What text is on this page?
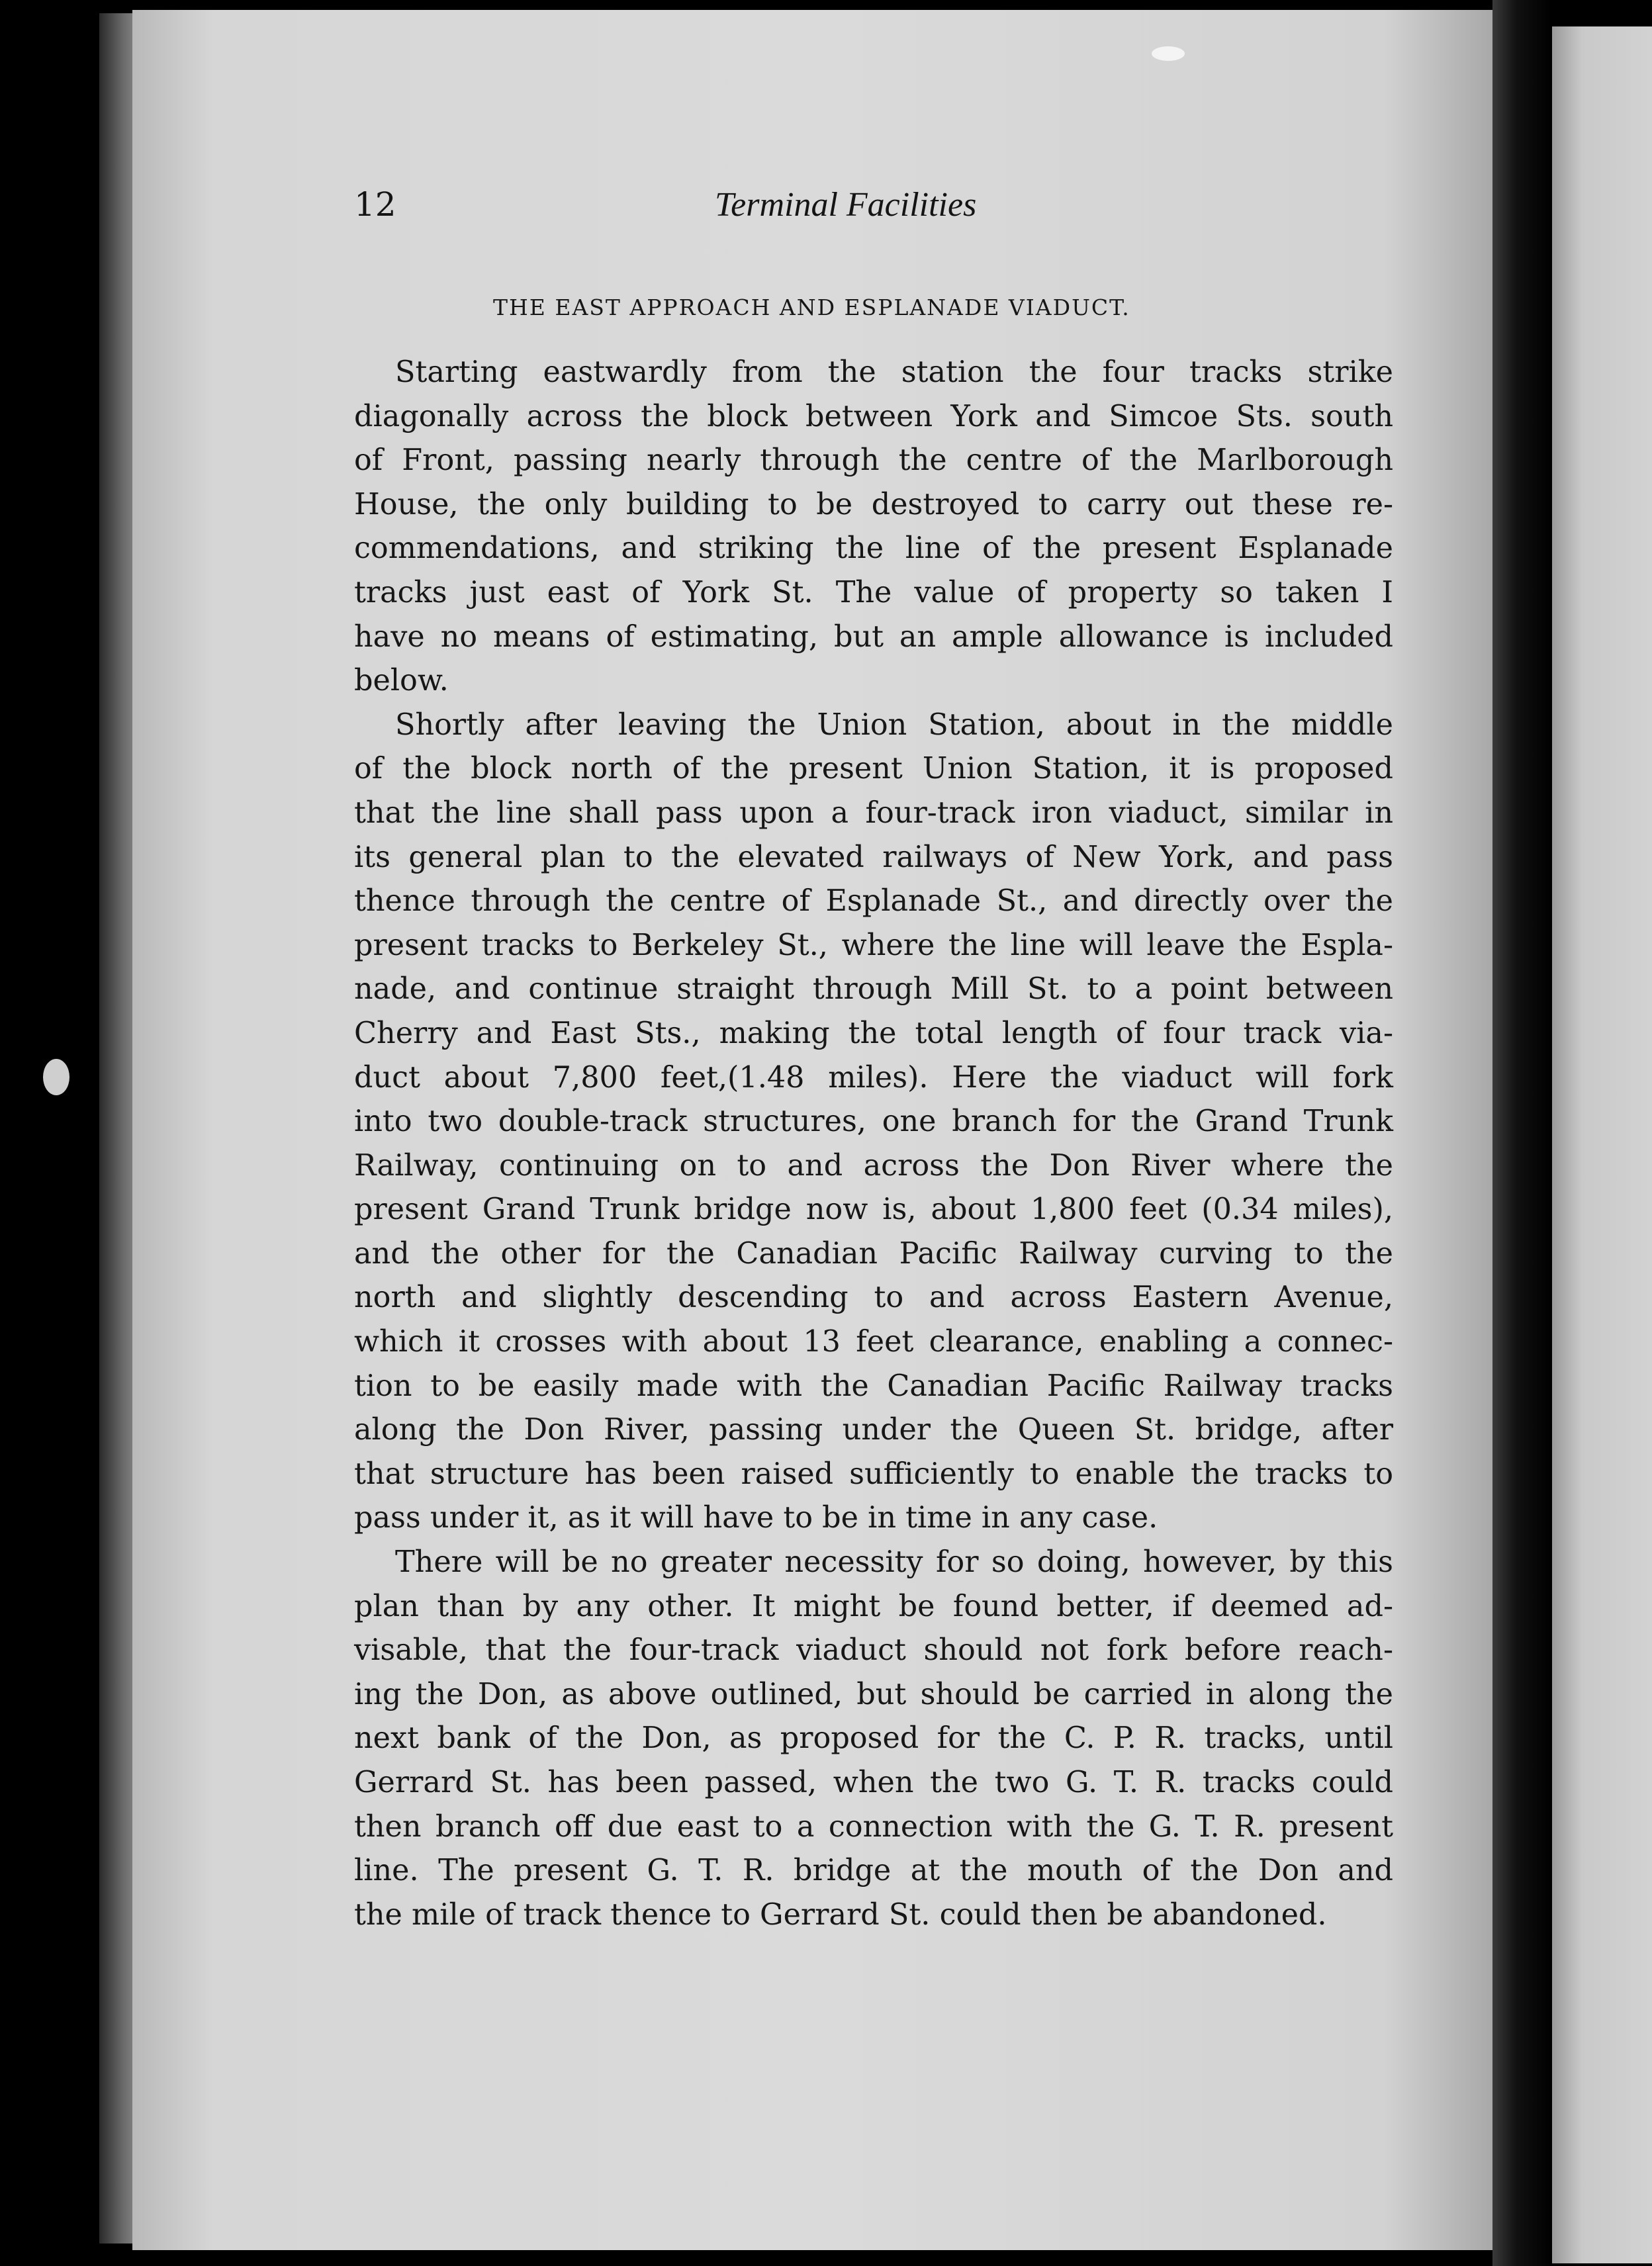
12	Terminal Facilities
THE EAST APPROACH AND ESPLANADE VIADUCT.
Starting eastwardly from the station the four tracks strike
diagonally across the block between York and Simcoe Sts. south
of Front, passing nearly through the centre of the Marlborough
House, the only building to be destroyed to carry out these re-
commendations, and striking the line of the present Esplanade
tracks just east of York St. The value of property so taken I
have no means of estimating, but an ample allowance is included
below.
Shortly after leaving the Union Station, about in the middle
of the block north of the present Union Station, it is proposed
that the line shall pass upon a four-track iron viaduct, similar in
its general plan to the elevated railways of New York, and pass
thence through the centre of Esplanade St., and directly over the
present tracks to Berkeley St., where the line will leave the Espla-
nade, and continue straight through Mill St. to a point between
Cherry and East Sts., making the total length of four track via-
duct about 7,800 feet,(1.48 miles). Here the viaduct will fork
into two double-track structures, one branch for the Grand Trunk
Railway, continuing on to and across the Don River where the
present Grand Trunk bridge now is, about 1,800 feet (0.34 miles),
and the other for the Canadian Pacific Railway curving to the
north and slightly descending to and across Eastern Avenue,
which it crosses with about 13 feet clearance, enabling a connec-
tion to be easily made with the Canadian Pacific Railway tracks
along the Don River, passing under the Queen St. bridge, after
that structure has been raised sufficiently to enable the tracks to
pass under it, as it will have to be in time in any case.
There will be no greater necessity for so doing, however, by this
plan than by any other. It might be found better, if deemed ad-
visable, that the four-track viaduct should not fork before reach-
ing the Don, as above outlined, but should be carried in along the
next bank of the Don, as proposed for the C. P. R. tracks, until
Gerrard St. has been passed, when the two G. T. R. tracks could
then branch off due east to a connection with the G. T. R. present
line. The present G. T. R. bridge at the mouth of the Don and
the mile of track thence to Gerrard St. could then be abandoned.
